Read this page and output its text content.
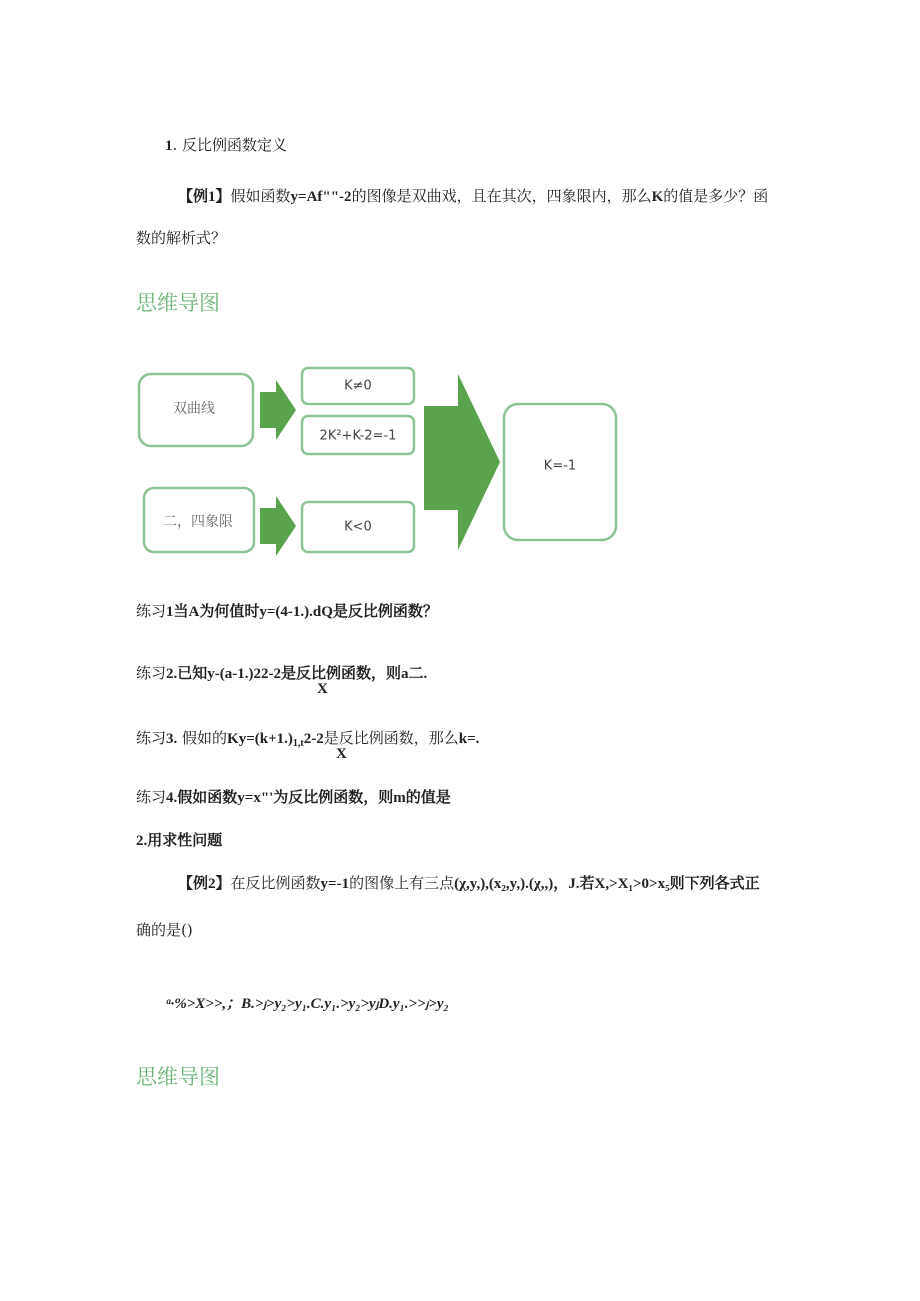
1. 反比例函数定义
【例1】假如函数y=Af""-2的图像是双曲戏，且在其次，四象限内，那么K的值是多少？函
数的解析式？
思维导图
双曲线
二，四象限
K≠0
2K²+K-2=-1
K<0
K=-1
练习1当A为何值时y=(4-1.).dQ是反比例函数？
练习2.已知y-(a-1.)22-2是反比例函数，则a二.
X
练习3. 假如的$Ky=(k+1.)_{1,t}2-2$是反比例函数，那么k=.
X
练习4.假如函数y=x"'为反比例函数，则m的值是
2.用求性问题
【例2】在反比例函数y=-1的图像上有三点(χ,y,),(x₂,y,).(χ,,)，J.若X,>X₁>0>x₅则下列各式正
确的是()
ᵃ·%>X>>,；B.>ⱼ>y₂>y₁.C.y₁.>y₂>yⱼD.y₁.>>ⱼ>y₂
思维导图
